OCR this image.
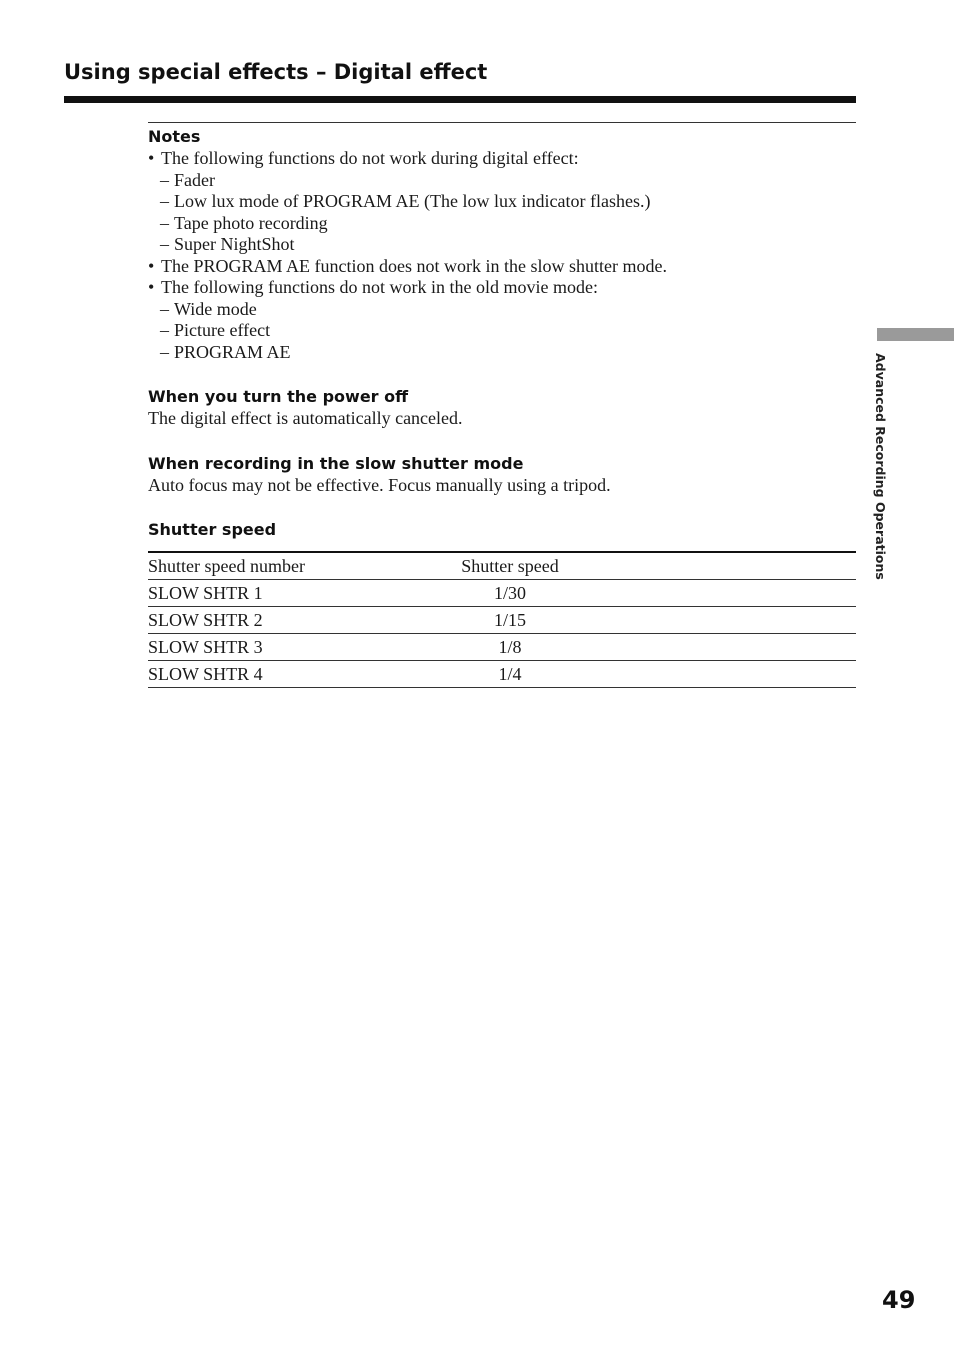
Using special effects – Digital effect
Advanced Recording Operations

Notes

• The following functions do not work during digital effect:

– Fader

– Low lux mode of PROGRAM AE (The low lux indicator flashes.)

– Tape photo recording

– Super NightShot

• The PROGRAM AE function does not work in the slow shutter mode.

• The following functions do not work in the old movie mode:

– Wide mode

– Picture effect

– PROGRAM AE

When you turn the power off

The digital effect is automatically canceled.

When recording in the slow shutter mode

Auto focus may not be effective. Focus manually using a tripod.

Shutter speed

Shutter speed number	Shutter speed	
SLOW SHTR 1	1/30	
SLOW SHTR 2	1/15	
SLOW SHTR 3	1/8	
SLOW SHTR 4	1/4	
49
